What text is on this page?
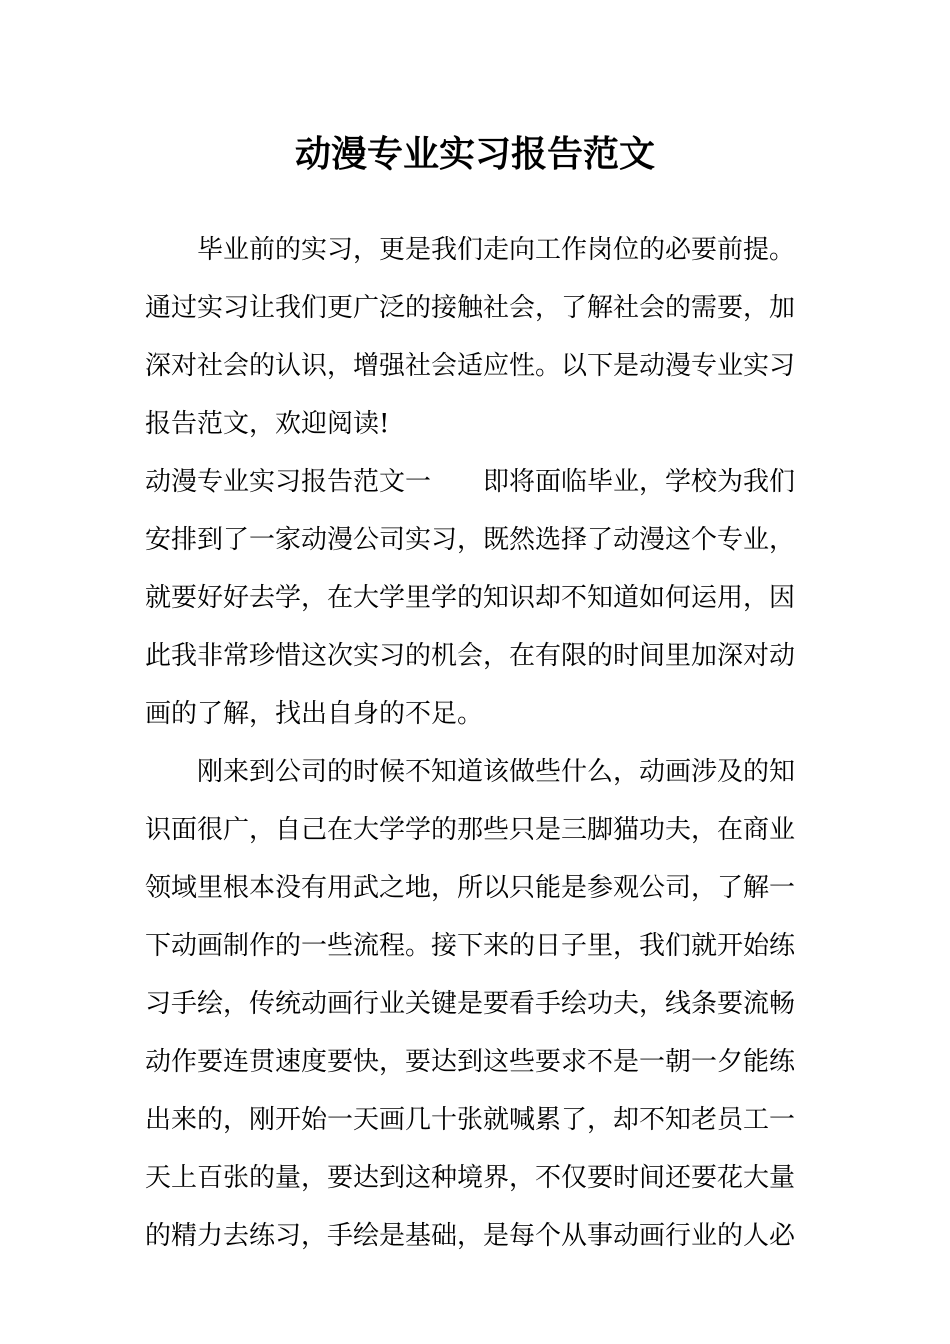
动漫专业实习报告范文

毕业前的实习，更是我们走向工作岗位的必要前提。

通过实习让我们更广泛的接触社会，了解社会的需要，加

深对社会的认识，增强社会适应性。以下是动漫专业实习

报告范文，欢迎阅读!

动漫专业实习报告范文一 即将面临毕业，学校为我们

安排到了一家动漫公司实习，既然选择了动漫这个专业，

就要好好去学，在大学里学的知识却不知道如何运用，因

此我非常珍惜这次实习的机会，在有限的时间里加深对动

画的了解，找出自身的不足。

刚来到公司的时候不知道该做些什么，动画涉及的知

识面很广，自己在大学学的那些只是三脚猫功夫，在商业

领域里根本没有用武之地，所以只能是参观公司，了解一

下动画制作的一些流程。接下来的日子里，我们就开始练

习手绘，传统动画行业关键是要看手绘功夫，线条要流畅

动作要连贯速度要快，要达到这些要求不是一朝一夕能练

出来的，刚开始一天画几十张就喊累了，却不知老员工一

天上百张的量，要达到这种境界，不仅要时间还要花大量

的精力去练习，手绘是基础，是每个从事动画行业的人必
